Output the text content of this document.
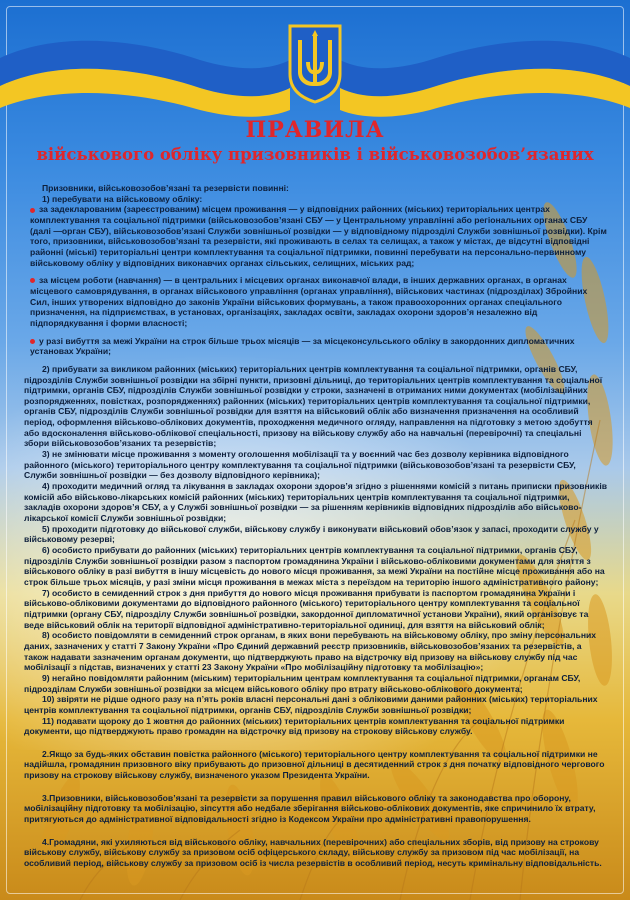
ПРАВИЛА
військового обліку призовників і військовозобов’язаних

Призовники, військовозобов’язані та резервісти повинні:

1) перебувати на військовому обліку:

за задекларованим (зареєстрованим) місцем проживання — у відповідних районних (міських) територіальних центрах комплектування та соціальної підтримки (військовозобов’язані СБУ — у Центральному управлінні або регіональних органах СБУ (далі —орган СБУ), військовозобов’язані Служби зовнішньої розвідки — у відповідному підрозділі Служби зовнішньої розвідки). Крім того, призовники, військовозобов’язані та резервісти, які проживають в селах та селищах, а також у містах, де відсутні відповідні районні (міські) територіальні центри комплектування та соціальної підтримки, повинні перебувати на персонально-первинному військовому обліку у відповідних виконавчих органах сільських, селищних, міських рад;

за місцем роботи (навчання) — в центральних і місцевих органах виконавчої влади, в інших державних органах, в органах місцевого самоврядування, в органах військового управління (органах управління), військових частинах (підрозділах) Збройних Сил, інших утворених відповідно до законів України військових формувань, а також правоохоронних органах спеціального призначення, на підприємствах, в установах, організаціях, закладах освіти, закладах охорони здоров’я незалежно від підпорядкування і форми власності;

у разі вибуття за межі України на строк більше трьох місяців — за місцеконсульського обліку в закордонних дипломатичних установах України;

2) прибувати за викликом районних (міських) територіальних центрів комплектування та соціальної підтримки, органів СБУ, підрозділів Служби зовнішньої розвідки на збірні пункти, призовні дільниці, до територіальних центрів комплектування та соціальної підтримки, органів СБУ, підрозділів Служби зовнішньої розвідки у строки, зазначені в отриманих ними документах (мобілізаційних розпорядженнях, повістках, розпорядженнях) районних (міських) територіальних центрів комплектування та соціальної підтримки, органів СБУ, підрозділів Служби зовнішньої розвідки для взяття на військовий облік або визначення призначення на особливий період, оформлення військово-облікових документів, проходження медичного огляду, направлення на підготовку з метою здобуття або вдосконалення військово-облікової спеціальності, призову на військову службу або на навчальні (перевірочні) та спеціальні збори військовозобов’язаних та резервістів;

3) не змінювати місце проживання з моменту оголошення мобілізації та у воєнний час без дозволу керівника відповідного районного (міського) територіального центру комплектування та соціальної підтримки (військовозобов’язані та резервісти СБУ, Служби зовнішньої розвідки — без дозволу відповідного керівника);

4) проходити медичний огляд та лікування в закладах охорони здоров’я згідно з рішеннями комісій з питань приписки призовників комісій або військово-лікарських комісій районних (міських) територіальних центрів комплектування та соціальної підтримки, закладів охорони здоров’я СБУ, а у Службі зовнішньої розвідки — за рішенням керівників відповідних підрозділів або військово-лікарської комісії Служби зовнішньої розвідки;

5) проходити підготовку до військової служби, військову службу і виконувати військовий обов’язок у запасі, проходити службу у військовому резерві;

6) особисто прибувати до районних (міських) територіальних центрів комплектування та соціальної підтримки, органів СБУ, підрозділів Служби зовнішньої розвідки разом з паспортом громадянина України і військово-обліковими документами для зняття з військового обліку в разі вибуття в іншу місцевість до нового місця проживання, за межі України на постійне місце проживання або на строк більше трьох місяців, у разі зміни місця проживання в межах міста з переїздом на територію іншого адміністративного району;

7) особисто в семиденний строк з дня прибуття до нового місця проживання прибувати із паспортом громадянина України і військово-обліковими документами до відповідного районного (міського) територіального центру комплектування та соціальної підтримки (органу СБУ, підрозділу Служби зовнішньої розвідки, закордонної дипломатичної установи України), який організовує та веде військовий облік на території відповідної адміністративно-територіальної одиниці, для взяття на військовий облік;

8) особисто повідомляти в семиденний строк органам, в яких вони перебувають на військовому обліку, про зміну персональних даних, зазначених у статті 7 Закону України «Про Єдиний державний реєстр призовників, військовозобов’язаних та резервістів, а також надавати зазначеним органам документи, що підтверджують право на відстрочку від призову на військову службу під час мобілізації з підстав, визначених у статті 23 Закону України «Про мобілізаційну підготовку та мобілізацію»;

9) негайно повідомляти районним (міським) територіальним центрам комплектування та соціальної підтримки, органам СБУ, підрозділам Служби зовнішньої розвідки за місцем військового обліку про втрату військово-облікового документа;

10) звіряти не рідше одного разу на п’ять років власні персональні дані з обліковими даними районних (міських) територіальних центрів комплектування та соціальної підтримки, органів СБУ, підрозділів Служби зовнішньої розвідки;

11) подавати щороку до 1 жовтня до районних (міських) територіальних центрів комплектування та соціальної підтримки документи, що підтверджують право громадян на відстрочку від призову на строкову військову службу.

2.Якщо за будь-яких обставин повістка районного (міського) територіального центру комплектування та соціальної підтримки не надійшла, громадянин призовного віку прибувають до призовної дільниці в десятиденний строк з дня початку відповідного чергового призову на строкову військову службу, визначеного указом Президента України.

3.Призовники, військовозобов’язані та резервісти за порушення правил військового обліку та законодавства про оборону, мобілізаційну підготовку та мобілізацію, зіпсуття або недбале зберігання військово-облікових документів, яке спричинило їх втрату, притягуються до адміністративної відповідальності згідно із Кодексом України про адміністративні правопорушення.

4.Громадяни, які ухиляються від військового обліку, навчальних (перевірочних) або спеціальних зборів, від призову на строкову військову службу, військову службу за призовом осіб офіцерського складу, військову службу за призовом під час мобілізації, на особливий період, військову службу за призовом осіб із числа резервістів в особливий період, несуть кримінальну відповідальність.
